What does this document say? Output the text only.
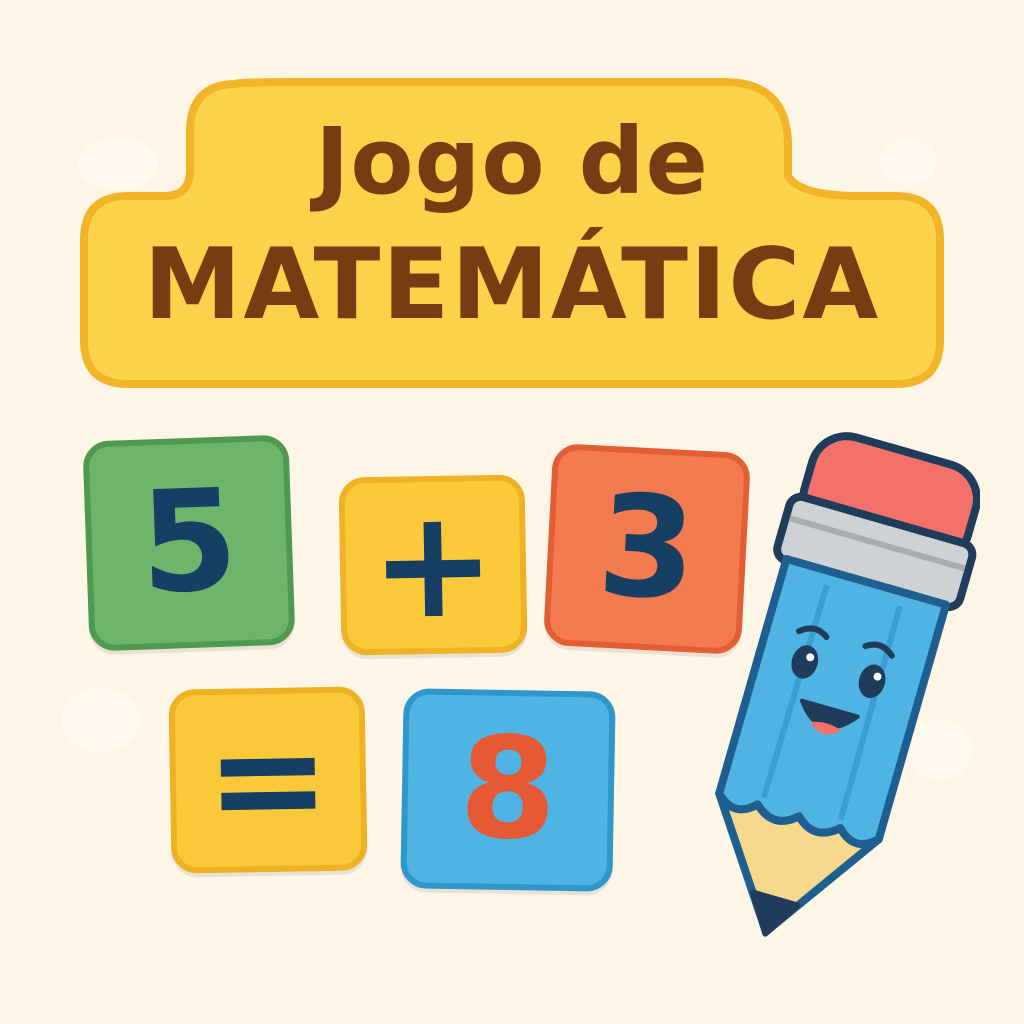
Jogo de
MATEMÁTICA
5 + 3
= 8
